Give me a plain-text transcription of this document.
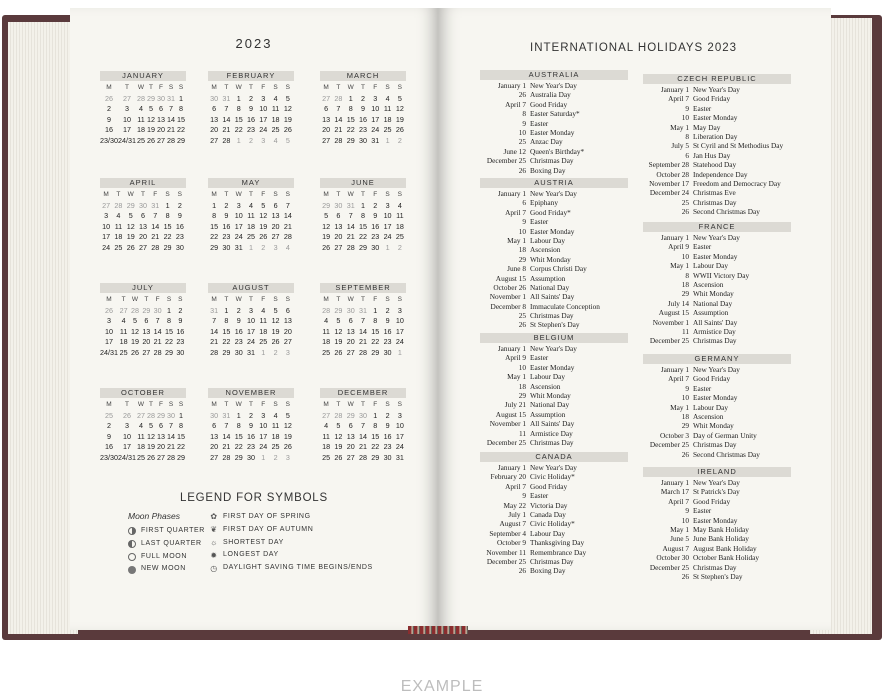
2023
JANUARY
M	T	W T F S S
26	27 28 29 30 31 1
2	3	4 5 6 7 8
9	10 11 12 13 14 15
16	17 18 19 20 21 22
23/30 24/31 25 26 27 28 29
FEBRUARY
M	T	W	T	F	S	S
30 31 1	2	3	4	5
6	7	8	9 10 11 12
13 14 15 16 17 18 19
20 21 22 23 24 25 26
27 28 1	2	3	4	5
MARCH
M	T	W	T	F	S	S
27 28 1	2	3	4	5
6	7	8	9 10 11 12
13 14 15 16 17 18 19
20 21 22 23 24 25 26
27 28 29 30 31 1	2
APRIL
M	T	W	T	F	S	S
27 28 29 30 31 1	2
3	4	5	6	7	8	9
10 11 12 13 14 15 16
17 18 19 20 21 22 23
24 25 26 27 28 29 30
MAY
M	T	W	T	F	S	S
1	2	3	4	5	6	7
8	9 10 11 12 13 14
15 16 17 18 19 20 21
22 23 24 25 26 27 28
29 30 31 1	2	3	4
JUNE
M	T	W	T	F	S	S
29 30 31 1	2	3	4
5	6	7	8	9 10 11
12 13 14 15 16 17 18
19 20 21 22 23 24 25
26 27 28 29 30 1	2
JULY
M	T W T	F	S	S
26 27 28 29 30 1	2
3	4	5	6	7	8	9
10 11 12 13 14 15 16
17 18 19 20 21 22 23
24/31 25 26 27 28 29 30
AUGUST
M	T	W	T	F	S	S
31 1	2	3	4	5	6
7	8	9 10 11 12 13
14 15 16 17 18 19 20
21 22 23 24 25 26 27
28 29 30 31 1	2	3
SEPTEMBER
M	T	W	T	F	S	S
28 29 30 31 1	2	3
4	5	6	7	8	9 10
11 12 13 14 15 16 17
18 19 20 21 22 23 24
25 26 27 28 29 30 1
OCTOBER
M	T	W T F S S
25	26 27 28 29 30 1
2	3	4 5 6 7 8
9	10 11 12 13 14 15
16	17 18 19 20 21 22
23/30 24/31 25 26 27 28 29
NOVEMBER
M	T	W	T	F	S	S
30 31 1	2	3	4	5
6	7	8	9 10 11 12
13 14 15 16 17 18 19
20 21 22 23 24 25 26
27 28 29 30 1	2	3
DECEMBER
M	T	W	T	F	S	S
27 28 29 30 1	2	3
4	5	6	7	8	9 10
11 12 13 14 15 16 17
18 19 20 21 22 23 24
25 26 27 28 29 30 31
LEGEND FOR SYMBOLS
Moon Phases
FIRST QUARTER
LAST QUARTER
FULL MOON
NEW MOON
✿ FIRST DAY OF SPRING
❦ FIRST DAY OF AUTUMN
☼ SHORTEST DAY
✹ LONGEST DAY
◷ DAYLIGHT SAVING TIME BEGINS/ENDS
INTERNATIONAL HOLIDAYS 2023
AUSTRALIA
January 1 New Year's Day
26 Australia Day
April 7 Good Friday
8 Easter Saturday*
9 Easter
10 Easter Monday
25 Anzac Day
June 12 Queen's Birthday*
December 25 Christmas Day
26 Boxing Day
AUSTRIA
January 1 New Year's Day
6 Epiphany
April 7 Good Friday*
9 Easter
10 Easter Monday
May 1 Labour Day
18 Ascension
29 Whit Monday
June 8 Corpus Christi Day
August 15 Assumption
October 26 National Day
November 1 All Saints' Day
December 8 Immaculate Conception
25 Christmas Day
26 St Stephen's Day
BELGIUM
January 1 New Year's Day
April 9 Easter
10 Easter Monday
May 1 Labour Day
18 Ascension
29 Whit Monday
July 21 National Day
August 15 Assumption
November 1 All Saints' Day
11 Armistice Day
December 25 Christmas Day
CANADA
January 1 New Year's Day
February 20 Civic Holiday*
April 7 Good Friday
9 Easter
May 22 Victoria Day
July 1 Canada Day
August 7 Civic Holiday*
September 4 Labour Day
October 9 Thanksgiving Day
November 11 Remembrance Day
December 25 Christmas Day
26 Boxing Day
CZECH REPUBLIC
January 1 New Year's Day
April 7 Good Friday
9 Easter
10 Easter Monday
May 1 May Day
8 Liberation Day
July 5 St Cyril and St Methodius Day
6 Jan Hus Day
September 28 Statehood Day
October 28 Independence Day
November 17 Freedom and Democracy Day
December 24 Christmas Eve
25 Christmas Day
26 Second Christmas Day
FRANCE
January 1 New Year's Day
April 9 Easter
10 Easter Monday
May 1 Labour Day
8 WWII Victory Day
18 Ascension
29 Whit Monday
July 14 National Day
August 15 Assumption
November 1 All Saints' Day
11 Armistice Day
December 25 Christmas Day
GERMANY
January 1 New Year's Day
April 7 Good Friday
9 Easter
10 Easter Monday
May 1 Labour Day
18 Ascension
29 Whit Monday
October 3 Day of German Unity
December 25 Christmas Day
26 Second Christmas Day
IRELAND
January 1 New Year's Day
March 17 St Patrick's Day
April 7 Good Friday
9 Easter
10 Easter Monday
May 1 May Bank Holiday
June 5 June Bank Holiday
August 7 August Bank Holiday
October 30 October Bank Holiday
December 25 Christmas Day
26 St Stephen's Day
EXAMPLE
